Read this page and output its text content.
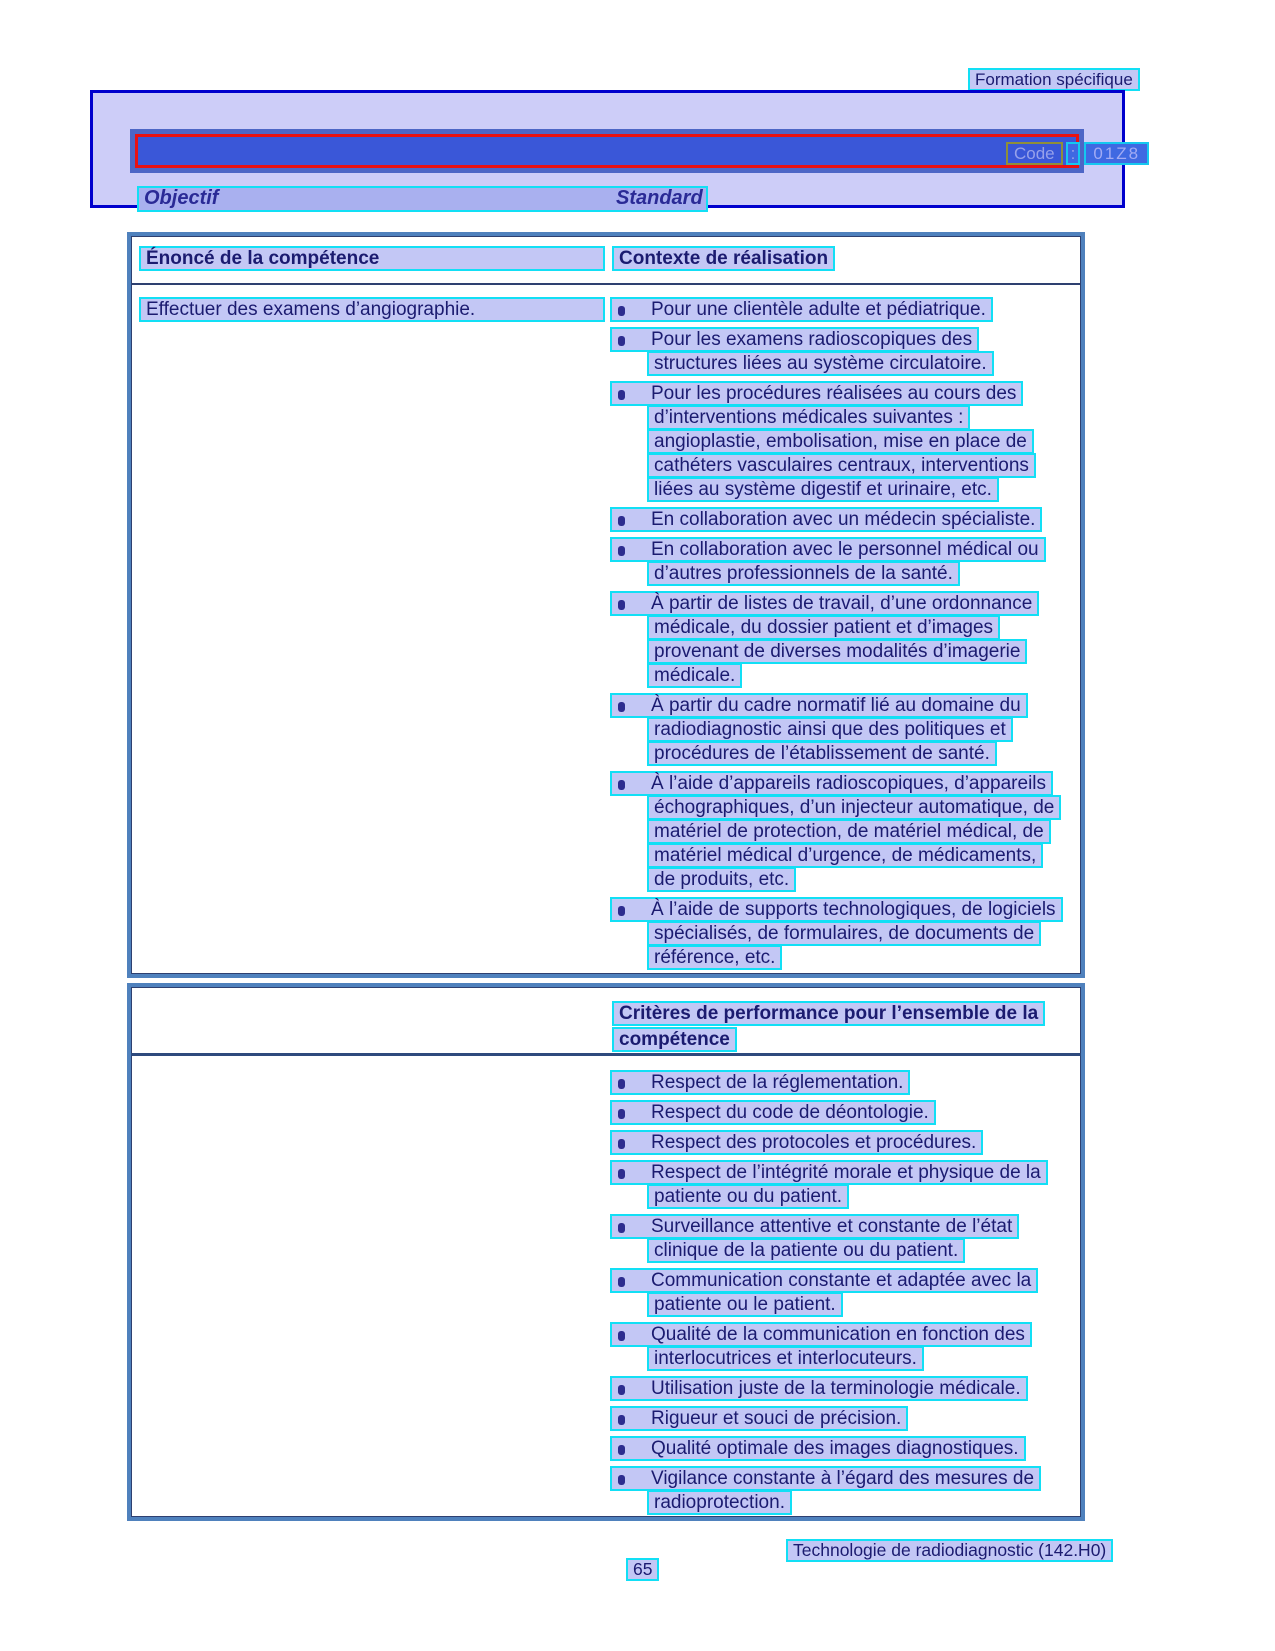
Formation spécifique
Code :	01Z8
Objectif	Standard
Énoncé de la compétence	Contexte de réalisation
Effectuer des examens d’angiographie.	Pour une clientèle adulte et pédiatrique.
Pour les examens radioscopiques des
structures liées au système circulatoire.
Pour les procédures réalisées au cours des
d’interventions médicales suivantes :
angioplastie, embolisation, mise en place de
cathéters vasculaires centraux, interventions
liées au système digestif et urinaire, etc.
En collaboration avec un médecin spécialiste.
En collaboration avec le personnel médical ou
d’autres professionnels de la santé.
À partir de listes de travail, d’une ordonnance
médicale, du dossier patient et d’images
provenant de diverses modalités d’imagerie
médicale.
À partir du cadre normatif lié au domaine du
radiodiagnostic ainsi que des politiques et
procédures de l’établissement de santé.
À l’aide d’appareils radioscopiques, d’appareils
échographiques, d’un injecteur automatique, de
matériel de protection, de matériel médical, de
matériel médical d’urgence, de médicaments,
de produits, etc.
À l’aide de supports technologiques, de logiciels
spécialisés, de formulaires, de documents de
référence, etc.
Critères de performance pour l’ensemble de la
compétence
Respect de la réglementation.
Respect du code de déontologie.
Respect des protocoles et procédures.
Respect de l’intégrité morale et physique de la
patiente ou du patient.
Surveillance attentive et constante de l’état
clinique de la patiente ou du patient.
Communication constante et adaptée avec la
patiente ou le patient.
Qualité de la communication en fonction des
interlocutrices et interlocuteurs.
Utilisation juste de la terminologie médicale.
Rigueur et souci de précision.
Qualité optimale des images diagnostiques.
Vigilance constante à l’égard des mesures de
radioprotection.
Technologie de radiodiagnostic (142.H0)
65
